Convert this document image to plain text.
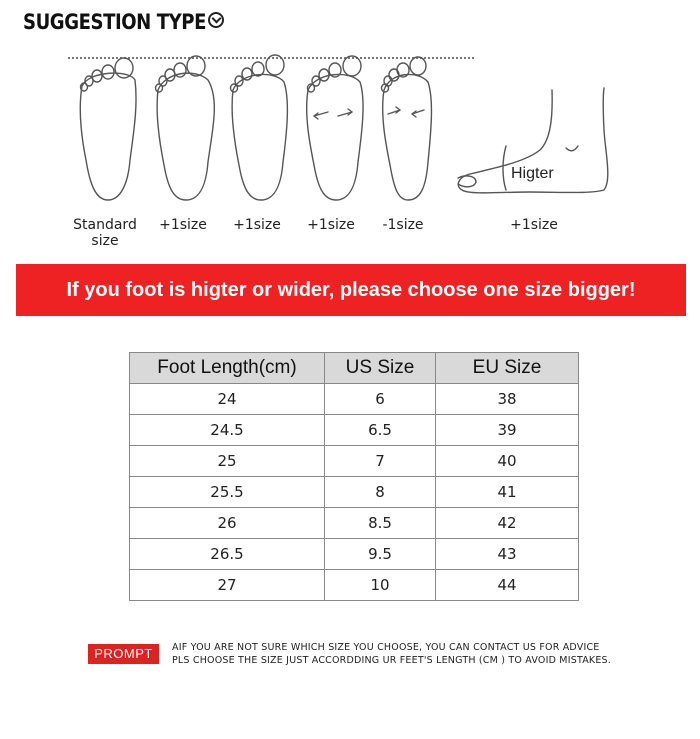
SUGGESTION TYPE
Higter
Standard
size
+1size	+1size	+1size	-1size	+1size
If you foot is higter or wider, please choose one size bigger!
Foot Length(cm)	US Size	EU Size
24	6	38
24.5	6.5	39
25	7	40
25.5	8	41
26	8.5	42
26.5	9.5	43
27	10	44
PROMPT	AIF YOU ARE NOT SURE WHICH SIZE YOU CHOOSE, YOU CAN CONTACT US FOR ADVICE
PLS CHOOSE THE SIZE JUST ACCORDDING UR FEET'S LENGTH (CM ) TO AVOID MISTAKES.
